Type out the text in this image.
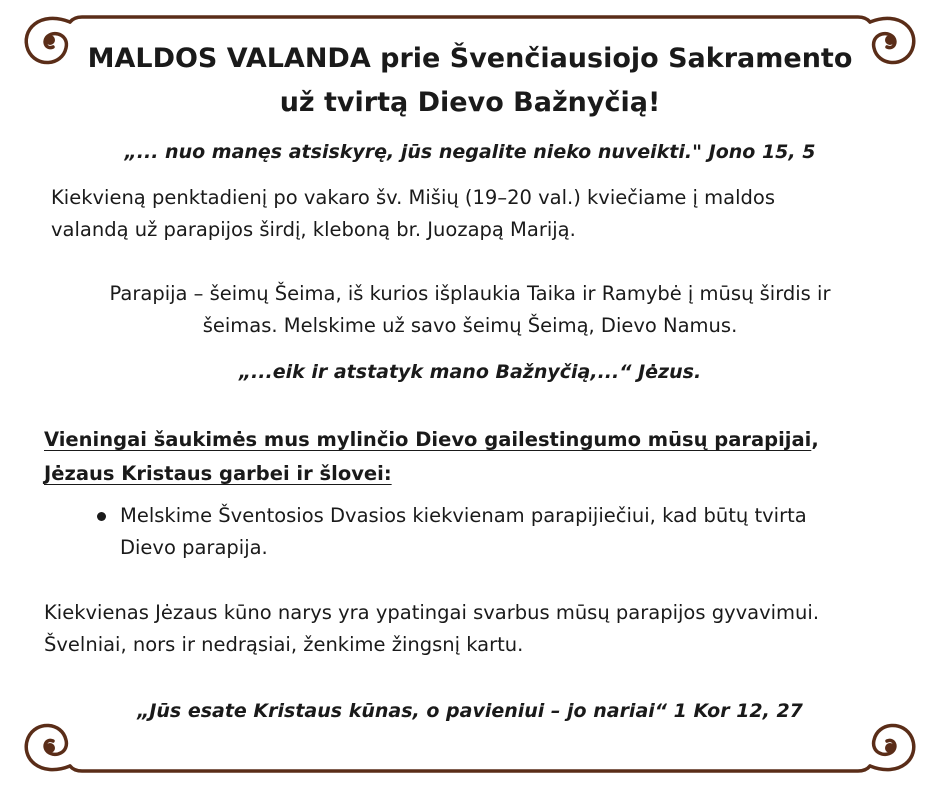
MALDOS VALANDA prie Švenčiausiojo Sakramento

už tvirtą Dievo Bažnyčią!

„... nuo manęs atsiskyrę, jūs negalite nieko nuveikti." Jono 15, 5

Kiekvieną penktadienį po vakaro šv. Mišių (19–20 val.) kviečiame į maldos
valandą už parapijos širdį, kleboną br. Juozapą Mariją.

Parapija – šeimų Šeima, iš kurios išplaukia Taika ir Ramybė į mūsų širdis ir
šeimas. Melskime už savo šeimų Šeimą, Dievo Namus.

„...eik ir atstatyk mano Bažnyčią,...“ Jėzus.

Vieningai šaukimės mus mylinčio Dievo gailestingumo mūsų parapijai,

Jėzaus Kristaus garbei ir šlovei:

Melskime Šventosios Dvasios kiekvienam parapijiečiui, kad būtų tvirta
Dievo parapija.

Kiekvienas Jėzaus kūno narys yra ypatingai svarbus mūsų parapijos gyvavimui.
Švelniai, nors ir nedrąsiai, ženkime žingsnį kartu.

„Jūs esate Kristaus kūnas, o pavieniui – jo nariai“ 1 Kor 12, 27
